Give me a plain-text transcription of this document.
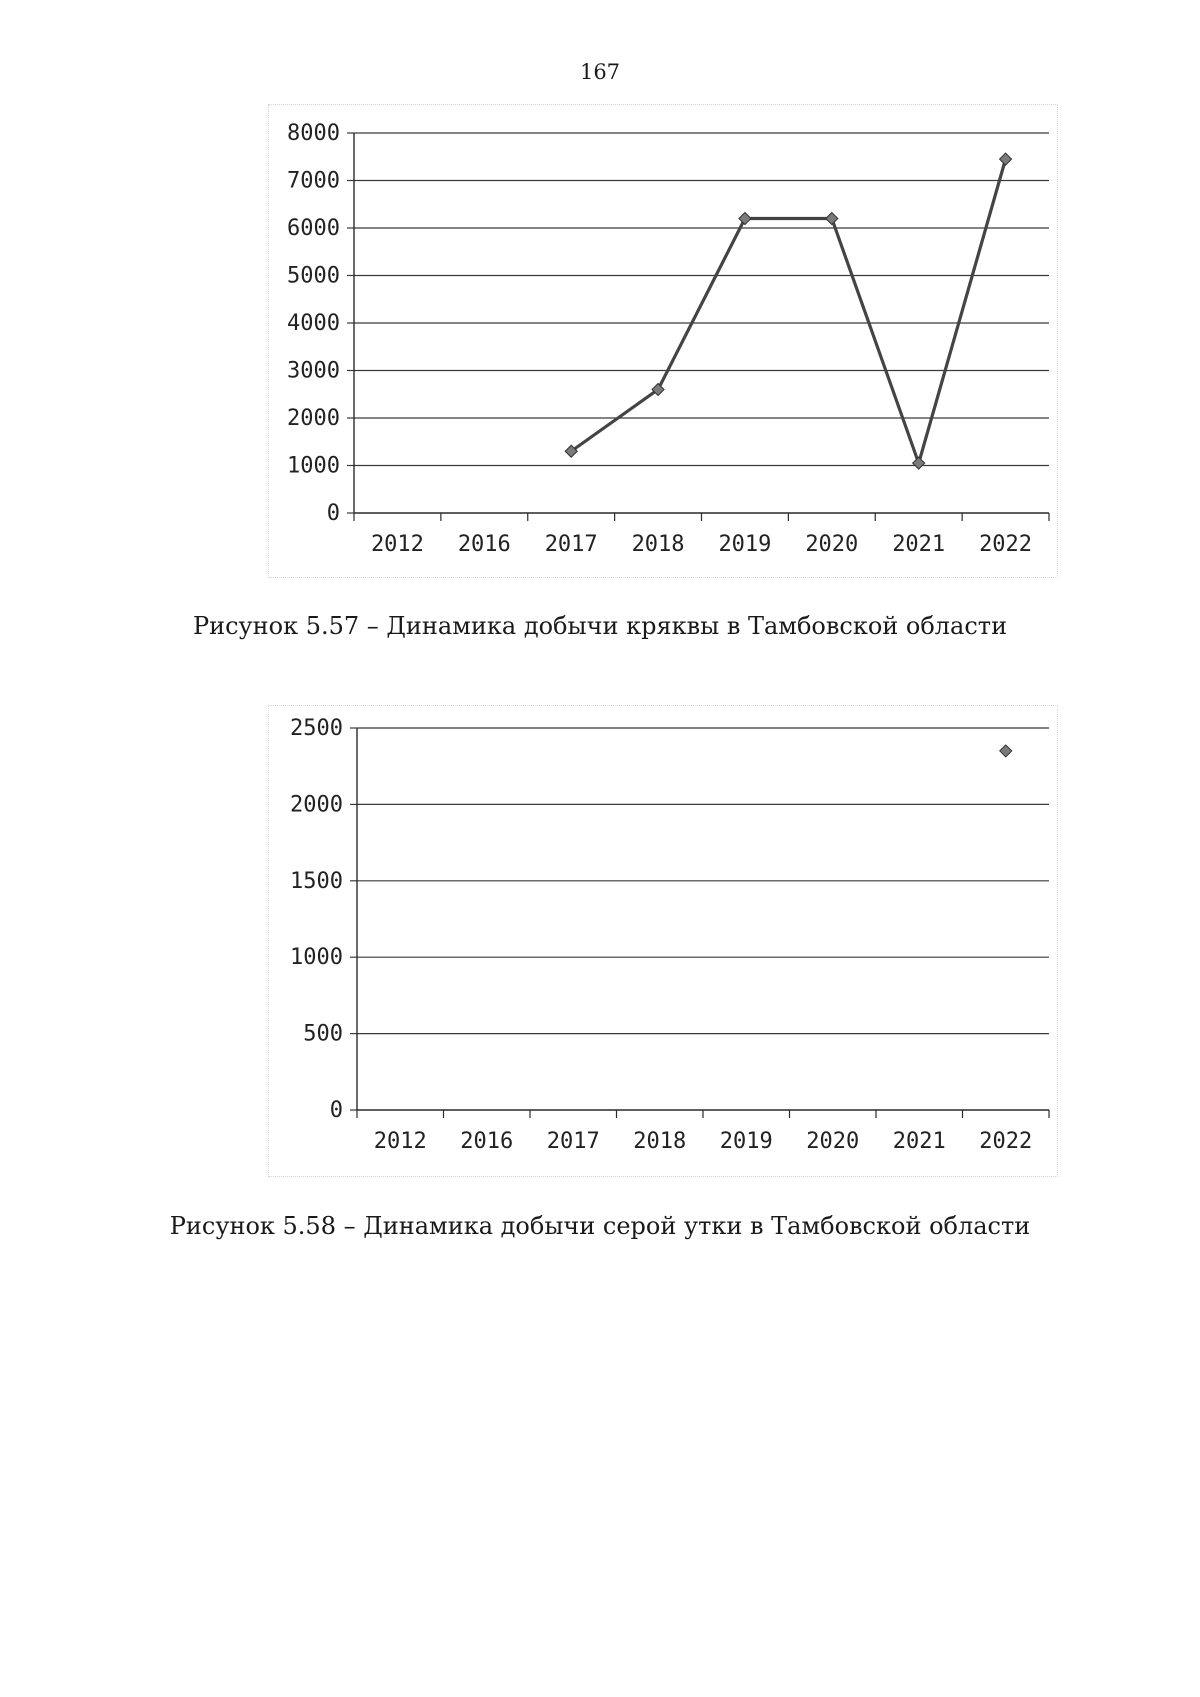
167
0
1000
2000
3000
4000
5000
6000
7000
8000
2012 2016 2017 2018 2019 2020 2021 2022
Рисунок 5.57 – Динамика добычи кряквы в Тамбовской области
0
500
1000
1500
2000
2500
2012 2016 2017 2018 2019 2020 2021 2022
Рисунок 5.58 – Динамика добычи серой утки в Тамбовской области
